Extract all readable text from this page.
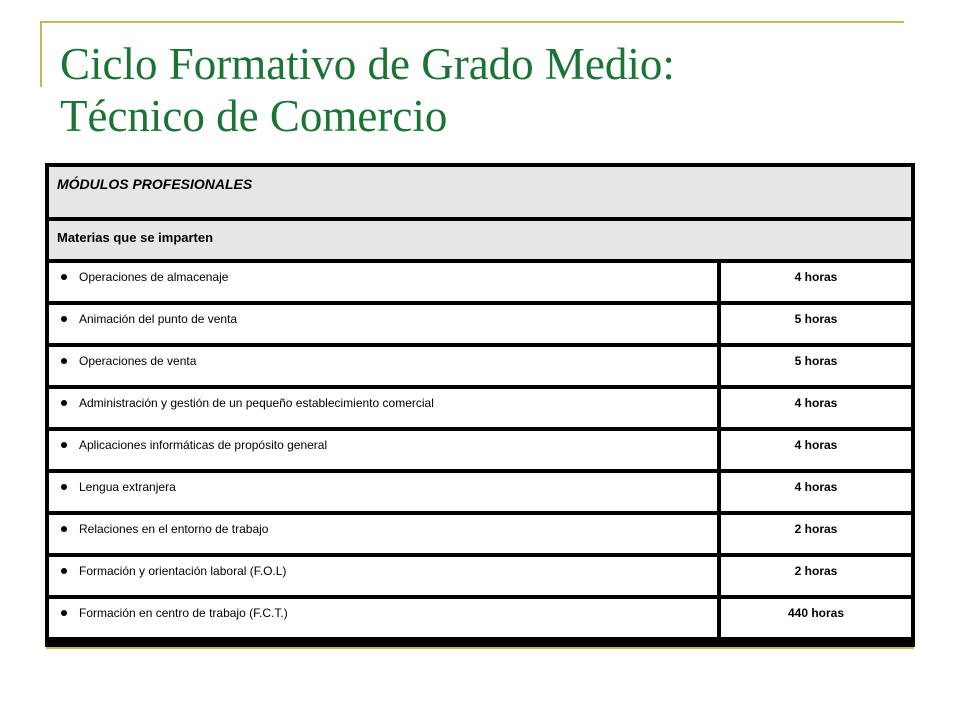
Ciclo Formativo de Grado Medio:
Técnico de Comercio
MÓDULOS PROFESIONALES	
Materias que se imparten	
Operaciones de almacenaje	4 horas
Animación del punto de venta	5 horas
Operaciones de venta	5 horas
Administración y gestión de un pequeño establecimiento comercial	4 horas
Aplicaciones informáticas de propósito general	4 horas
Lengua extranjera	4 horas
Relaciones en el entorno de trabajo	2 horas
Formación y orientación laboral (F.O.L)	2 horas
Formación en centro de trabajo (F.C.T.)	440 horas
